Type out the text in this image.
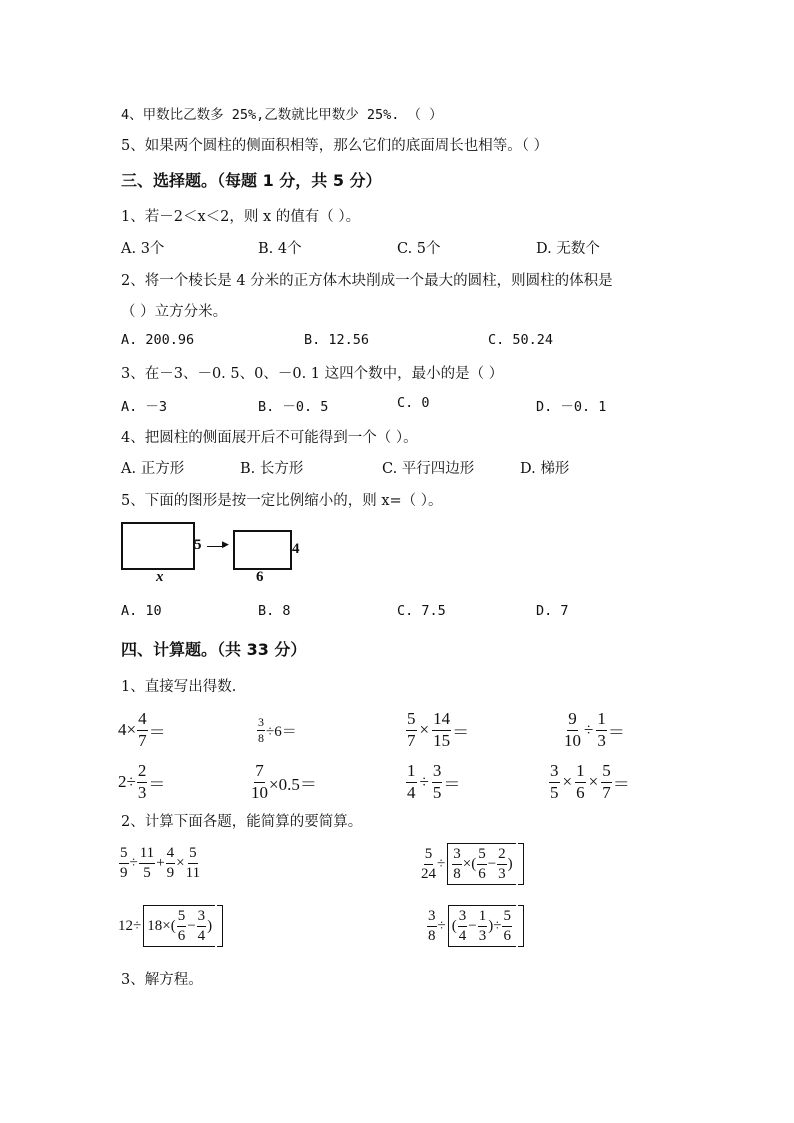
4、甲数比乙数多 25%,乙数就比甲数少 25%. （ ）
5、如果两个圆柱的侧面积相等，那么它们的底面周长也相等。（ ）
三、选择题。（每题 1 分，共 5 分）
1、若－2＜x＜2，则 x 的值有（ ）。
A. 3个	B. 4个	C. 5个	D. 无数个
2、将一个棱长是 4 分米的正方体木块削成一个最大的圆柱，则圆柱的体积是
（ ）立方分米。
A. 200.96	B. 12.56	C. 50.24
3、在－3、－0. 5、0、－0. 1 这四个数中，最小的是（ ）
A. －3	B. －0. 5	C. 0	D. －0. 1
4、把圆柱的侧面展开后不可能得到一个（ ）。
A. 正方形	B. 长方形	C. 平行四边形	D. 梯形
5、下面的图形是按一定比例缩小的，则 x=（ ）。
5 ▶
x
4
6
A. 10	B. 8	C. 7.5	D. 7
四、计算题。（共 33 分）
1、直接写出得数.
$4\times \frac{4}{7}$ ＝	$\frac{3}{8} \div 6=$	$\frac{5}{7} \times \frac{14}{15}$ ＝	$\frac{9}{10} \div \frac{1}{3}$ ＝
$2\div \frac{2}{3}$ ＝	$\frac{7}{10} \times 0.5=$	$\frac{1}{4} \div \frac{3}{5}$ ＝	$\frac{3}{5} \times \frac{1}{6} \times \frac{5}{7}$ ＝
2、计算下面各题，能简算的要简算。
$\frac{5}{9} \div \frac{11}{5} + \frac{4}{9} \times \frac{5}{11}$	$\frac{5}{24} \div \frac{3}{8}$ ×( $\frac{5}{6} - \frac{2}{3}$ )
$12\div 18\times( \frac{5}{6} - \frac{3}{4}$ )	$\frac{3}{8}$ ÷ ( $\frac{3}{4} - \frac{1}{3}$ )÷ $\frac{5}{6}$
3、解方程。
